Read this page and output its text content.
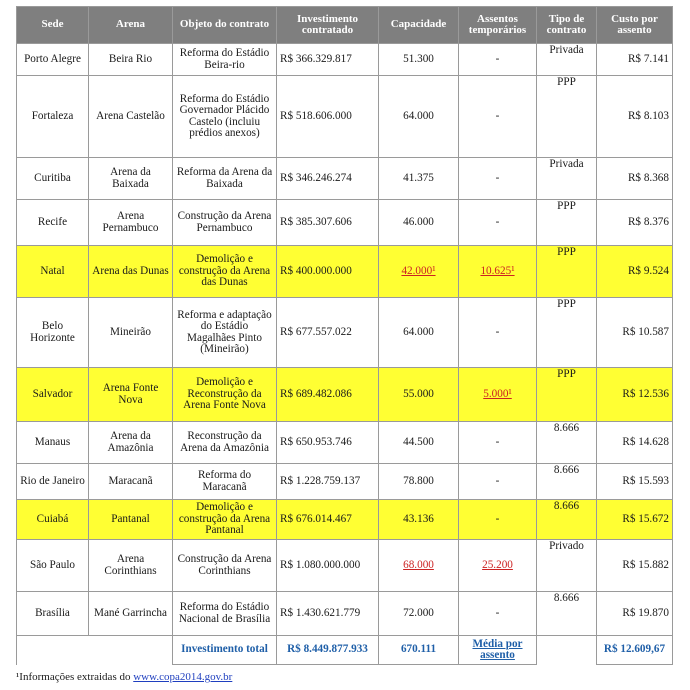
Sede	Arena	Objeto do contrato	Investimento contratado	Capacidade	Assentos temporários	Tipo de contrato	Custo por assento
Porto Alegre	Beira Rio	Reforma do Estádio Beira-rio	R$ 366.329.817	51.300	-	Privada	R$ 7.141
Fortaleza	Arena Castelão	Reforma do Estádio Governador Plácido Castelo (incluiu prédios anexos)	R$ 518.606.000	64.000	-	PPP	R$ 8.103
Curitiba	Arena da Baixada	Reforma da Arena da Baixada	R$ 346.246.274	41.375	-	Privada	R$ 8.368
Recife	Arena Pernambuco	Construção da Arena Pernambuco	R$ 385.307.606	46.000	-	PPP	R$ 8.376
Natal	Arena das Dunas	Demolição e construção da Arena das Dunas	R$ 400.000.000	42.000¹	10.625¹	PPP	R$ 9.524
Belo Horizonte	Mineirão	Reforma e adaptação do Estádio Magalhães Pinto (Mineirão)	R$ 677.557.022	64.000	-	PPP	R$ 10.587
Salvador	Arena Fonte Nova	Demolição e Reconstrução da Arena Fonte Nova	R$ 689.482.086	55.000	5.000¹	PPP	R$ 12.536
Manaus	Arena da Amazônia	Reconstrução da Arena da Amazônia	R$ 650.953.746	44.500	-	8.666	R$ 14.628
Rio de Janeiro	Maracanã	Reforma do Maracanã	R$ 1.228.759.137	78.800	-	8.666	R$ 15.593
Cuiabá	Pantanal	Demolição e construção da Arena Pantanal	R$ 676.014.467	43.136	-	8.666	R$ 15.672
São Paulo	Arena Corinthians	Construção da Arena Corinthians	R$ 1.080.000.000	68.000	25.200	Privado	R$ 15.882
Brasília	Mané Garrincha	Reforma do Estádio Nacional de Brasília	R$ 1.430.621.779	72.000	-	8.666	R$ 19.870
		Investimento total	R$ 8.449.877.933	670.111	Média por assento		R$ 12.609,67
¹Informações extraidas do www.copa2014.gov.br
